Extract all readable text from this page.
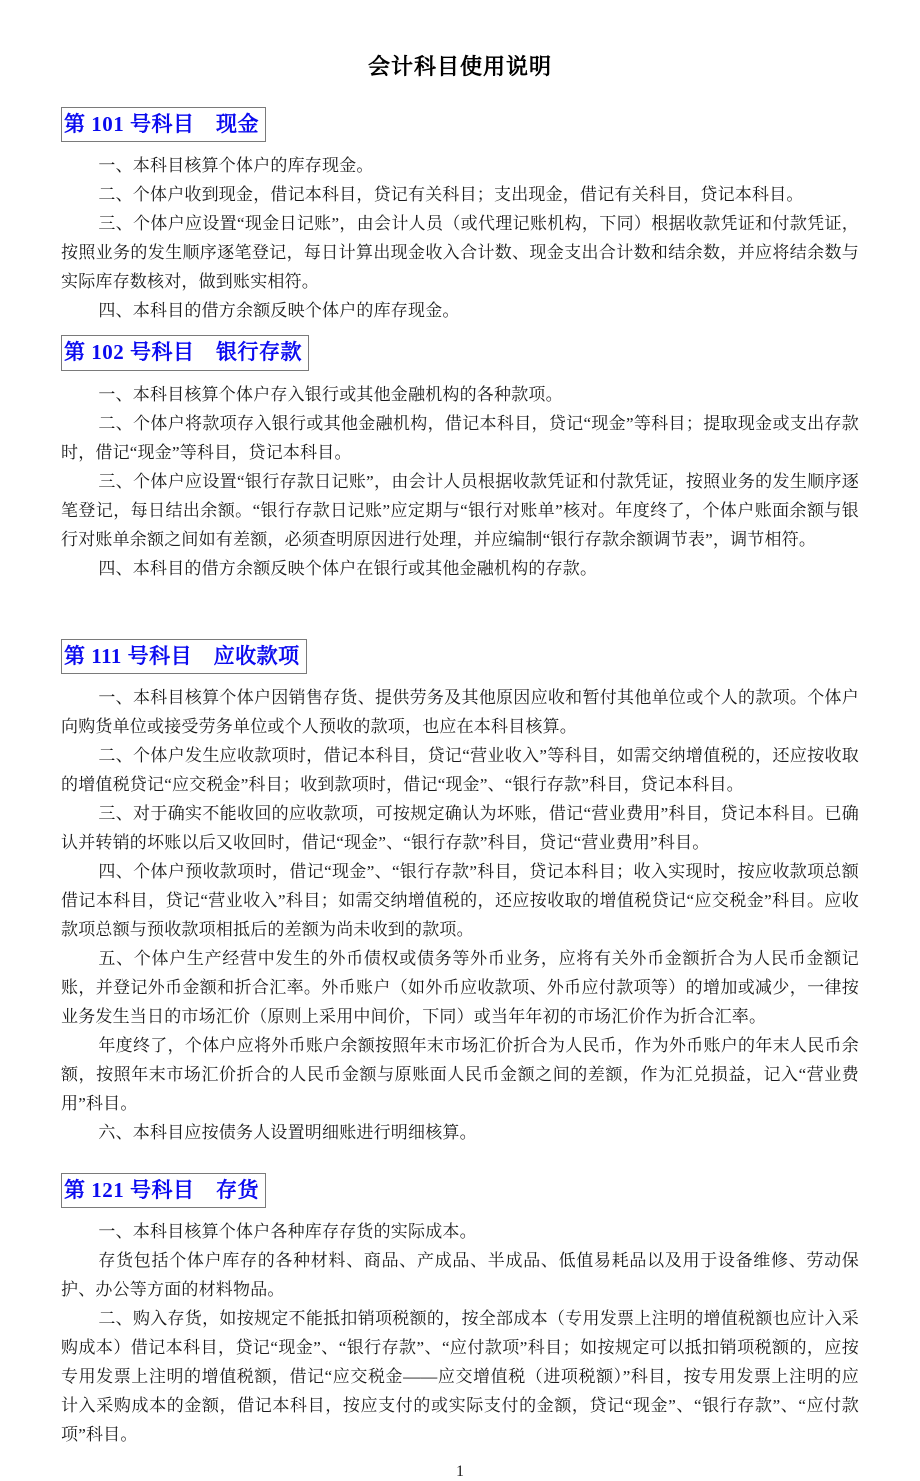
会计科目使用说明
第 101 号科目　现金

一、本科目核算个体户的库存现金。

二、个体户收到现金，借记本科目，贷记有关科目；支出现金，借记有关科目，贷记本科目。

三、个体户应设置“现金日记账”，由会计人员（或代理记账机构，下同）根据收款凭证和付款凭证，按照业务的发生顺序逐笔登记，每日计算出现金收入合计数、现金支出合计数和结余数，并应将结余数与实际库存数核对，做到账实相符。

四、本科目的借方余额反映个体户的库存现金。

第 102 号科目　银行存款

一、本科目核算个体户存入银行或其他金融机构的各种款项。

二、个体户将款项存入银行或其他金融机构，借记本科目，贷记“现金”等科目；提取现金或支出存款时，借记“现金”等科目，贷记本科目。

三、个体户应设置“银行存款日记账”，由会计人员根据收款凭证和付款凭证，按照业务的发生顺序逐笔登记，每日结出余额。“银行存款日记账”应定期与“银行对账单”核对。年度终了，个体户账面余额与银行对账单余额之间如有差额，必须查明原因进行处理，并应编制“银行存款余额调节表”，调节相符。

四、本科目的借方余额反映个体户在银行或其他金融机构的存款。

第 111 号科目　应收款项

一、本科目核算个体户因销售存货、提供劳务及其他原因应收和暂付其他单位或个人的款项。个体户向购货单位或接受劳务单位或个人预收的款项，也应在本科目核算。

二、个体户发生应收款项时，借记本科目，贷记“营业收入”等科目，如需交纳增值税的，还应按收取的增值税贷记“应交税金”科目；收到款项时，借记“现金”、“银行存款”科目，贷记本科目。

三、对于确实不能收回的应收款项，可按规定确认为坏账，借记“营业费用”科目，贷记本科目。已确认并转销的坏账以后又收回时，借记“现金”、“银行存款”科目，贷记“营业费用”科目。

四、个体户预收款项时，借记“现金”、“银行存款”科目，贷记本科目；收入实现时，按应收款项总额借记本科目，贷记“营业收入”科目；如需交纳增值税的，还应按收取的增值税贷记“应交税金”科目。应收款项总额与预收款项相抵后的差额为尚未收到的款项。

五、个体户生产经营中发生的外币债权或债务等外币业务，应将有关外币金额折合为人民币金额记账，并登记外币金额和折合汇率。外币账户（如外币应收款项、外币应付款项等）的增加或减少，一律按业务发生当日的市场汇价（原则上采用中间价，下同）或当年年初的市场汇价作为折合汇率。

年度终了，个体户应将外币账户余额按照年末市场汇价折合为人民币，作为外币账户的年末人民币余额，按照年末市场汇价折合的人民币金额与原账面人民币金额之间的差额，作为汇兑损益，记入“营业费用”科目。

六、本科目应按债务人设置明细账进行明细核算。

第 121 号科目　存货

一、本科目核算个体户各种库存存货的实际成本。

存货包括个体户库存的各种材料、商品、产成品、半成品、低值易耗品以及用于设备维修、劳动保护、办公等方面的材料物品。

二、购入存货，如按规定不能抵扣销项税额的，按全部成本（专用发票上注明的增值税额也应计入采购成本）借记本科目，贷记“现金”、“银行存款”、“应付款项”科目；如按规定可以抵扣销项税额的，应按专用发票上注明的增值税额，借记“应交税金——应交增值税（进项税额）”科目，按专用发票上注明的应计入采购成本的金额，借记本科目，按应支付的或实际支付的金额，贷记“现金”、“银行存款”、“应付款项”科目。

1
